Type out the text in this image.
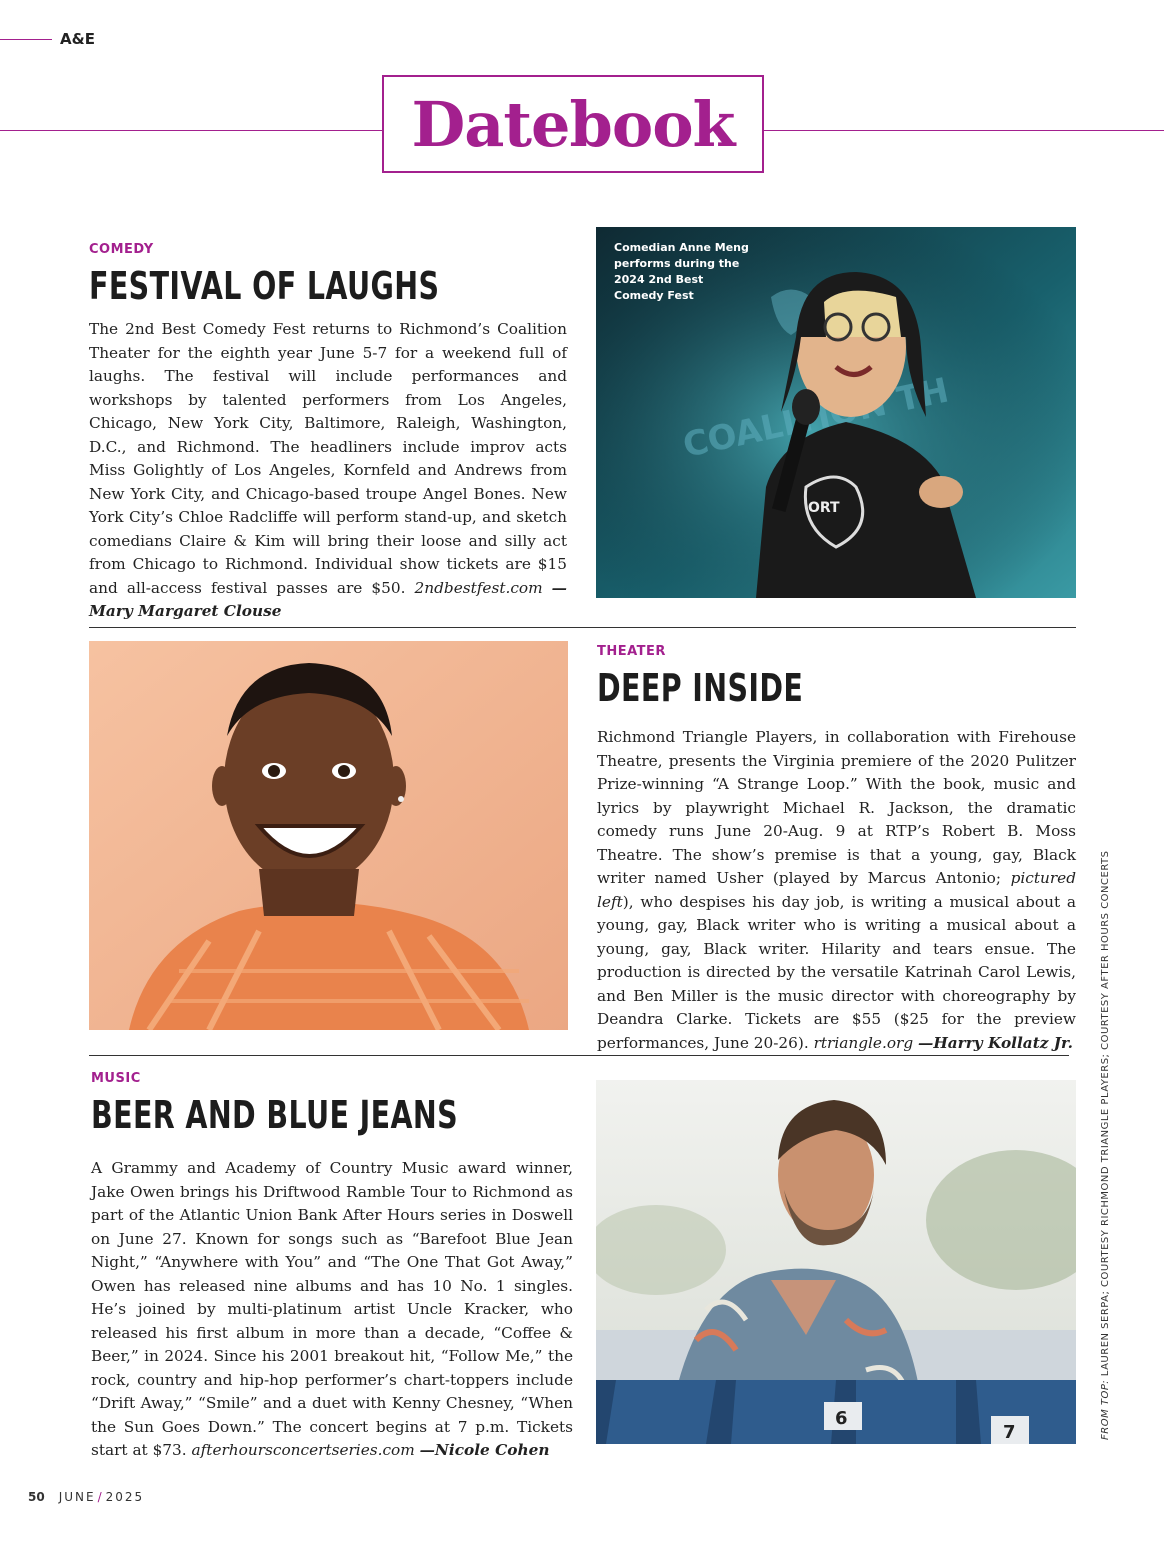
A&E
Datebook
COMEDY
FESTIVAL OF LAUGHS
The 2nd Best Comedy Fest returns to Richmond’s Coalition Theater for the eighth year June 5-7 for a weekend full of laughs. The festival will include performances and workshops by talented performers from Los Angeles, Chicago, New York City, Baltimore, Raleigh, Washington, D.C., and Richmond. The headliners include improv acts Miss Golightly of Los Angeles, Kornfeld and Andrews from New York City, and Chicago-based troupe Angel Bones. New York City’s Chloe Radcliffe will perform stand-up, and sketch comedians Claire & Kim will bring their loose and silly act from Chicago to Richmond. Individual show tickets are $15 and all-access festival passes are $50. 2ndbestfest.com —Mary Margaret Clouse
COALITION
ORT
Comedian Anne Meng performs during the 2024 2nd Best Comedy Fest
THEATER
DEEP INSIDE
Richmond Triangle Players, in collaboration with Firehouse Theatre, presents the Virginia premiere of the 2020 Pulitzer Prize-winning “A Strange Loop.” With the book, music and lyrics by playwright Michael R. Jackson, the dramatic comedy runs June 20-Aug. 9 at RTP’s Robert B. Moss Theatre. The show’s premise is that a young, gay, Black writer named Usher (played by Marcus Antonio; pictured left), who despises his day job, is writing a musical about a young, gay, Black writer who is writing a musical about a young, gay, Black writer. Hilarity and tears ensue. The production is directed by the versatile Katrinah Carol Lewis, and Ben Miller is the music director with choreography by Deandra Clarke. Tickets are $55 ($25 for the preview performances, June 20-26). rtriangle.org —Harry Kollatz Jr.
MUSIC
BEER AND BLUE JEANS
A Grammy and Academy of Country Music award winner, Jake Owen brings his Driftwood Ramble Tour to Richmond as part of the Atlantic Union Bank After Hours series in Doswell on June 27. Known for songs such as “Barefoot Blue Jean Night,” “Anywhere with You” and “The One That Got Away,” Owen has released nine albums and has 10 No. 1 singles. He’s joined by multi-platinum artist Uncle Kracker, who released his first album in more than a decade, “Coffee & Beer,” in 2024. Since his 2001 breakout hit, “Follow Me,” the rock, country and hip-hop performer’s chart-toppers include “Drift Away,” “Smile” and a duet with Kenny Chesney, “When the Sun Goes Down.” The concert begins at 7 p.m. Tickets start at $73. afterhoursconcertseries.com —Nicole Cohen
6
7	FROM TOP: LAUREN SERPA; COURTESY RICHMOND TRIANGLE PLAYERS; COURTESY AFTER HOURS CONCERTS
50 JUNE / 2025
